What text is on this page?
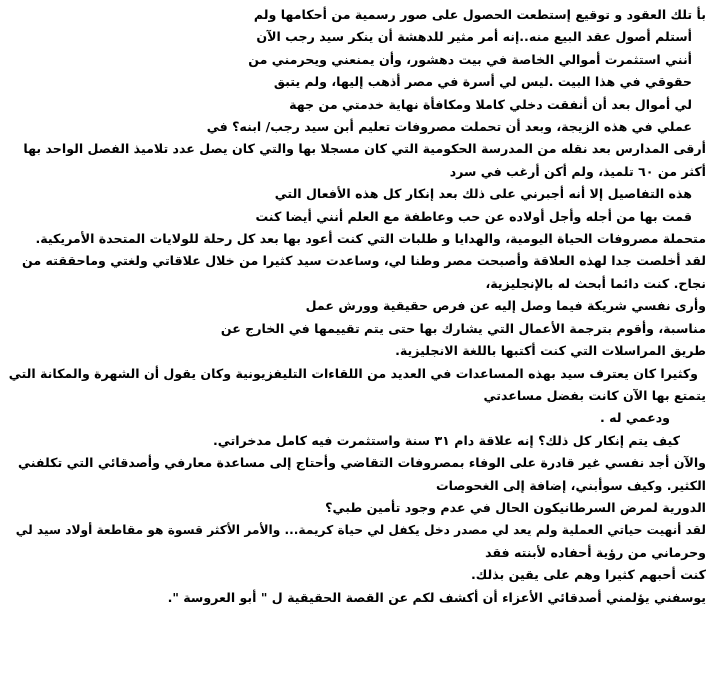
بأ تلك العقود و توقيع إستطعت الحصول على صور رسمية من أحكامها ولم
أستلم أصول عقد البيع منه..إنه أمر مثير للدهشة أن ينكر سيد رجب الآن
أنني استثمرت أموالي الخاصة في بيت دهشور، وأن يمنعني ويحرمني من
حقوقي في هذا البيت .ليس لي أسرة في مصر أذهب إليها، ولم يتبق
لي أموال بعد أن أنفقت دخلي كاملا ومكافأة نهاية خدمتي من جهة
عملي في هذه الزيجة، وبعد أن تحملت مصروفات تعليم أبن سيد رجب/ ابنه؟ في
أرقى المدارس بعد نقله من المدرسة الحكومية التي كان مسجلا بها والتي كان يصل عدد تلاميذ الفصل الواحد بها
أكثر من ٦٠ تلميذ، ولم أكن أرغب في سرد
هذه التفاصيل إلا أنه أجبرني على ذلك بعد إنكار كل هذه الأفعال التي
قمت بها من أجله وأجل أولاده عن حب وعاطفة مع العلم أنني أيضا كنت
متحملة مصروفات الحياة اليومية، والهدايا و طلبات التي كنت أعود بها بعد كل رحلة للولايات المتحدة الأمريكية.
لقد أخلصت جدا لهذه العلاقة وأصبحت مصر وطنا لي، وساعدت سيد كثيرا من خلال علاقاتي ولغتي وماحققته من
نجاح. كنت دائما أبحث له بالإنجليزية،
وأرى نفسي شريكة فيما وصل إليه عن فرص حقيقية وورش عمل
مناسبة، وأقوم بترجمة الأعمال التي يشارك بها حتى يتم تقييمها في الخارج عن
طريق المراسلات التي كنت أكتبها باللغة الانجليزية.
وكثيرا كان يعترف سيد بهذه المساعدات في العديد من اللقاءات التليفزيونية وكان يقول أن الشهرة والمكانة التي
يتمتع بها الآن كانت بفضل مساعدتي
ودعمي له .
كيف يتم إنكار كل ذلك؟ إنه علاقة دام ٣١ سنة واستثمرت فيه كامل مدخراتي.
والآن أجد نفسي غير قادرة على الوفاء بمصروفات التقاضي وأحتاج إلى مساعدة معارفي وأصدقائي التي تكلفني
الكثير. وكيف سوأبني، إضافة إلى الغحوصات
الدورية لمرض السرطانيكون الحال في عدم وجود تأمين طبي؟
لقد أنهيت حياتي العملية ولم يعد لي مصدر دخل يكفل لي حياة كريمة... والأمر الأكثر قسوة هو مقاطعة أولاد سيد لي
وحرماني من رؤية أحفاده لأبنته فقد
كنت أحبهم كثيرا وهم على يقين بذلك.
يوسفني يؤلمني أصدقائي الأعزاء أن أكشف لكم عن القصة الحقيقية ل " أبو العروسة ".
